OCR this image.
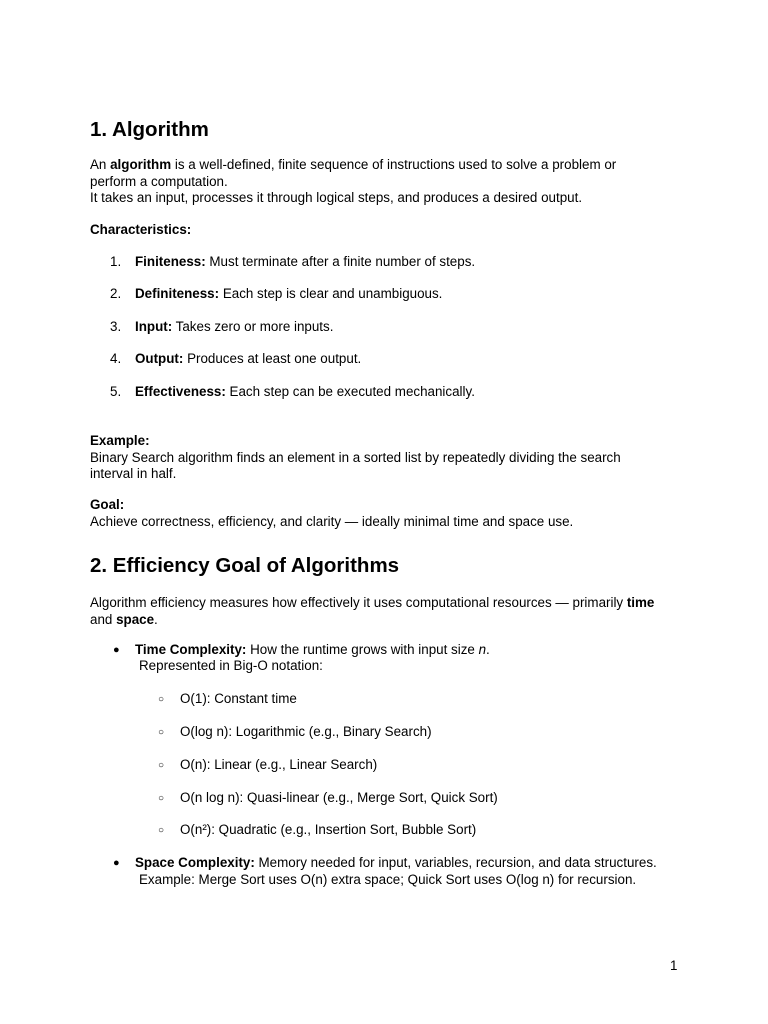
1. Algorithm
An algorithm is a well-defined, finite sequence of instructions used to solve a problem or
perform a computation.
It takes an input, processes it through logical steps, and produces a desired output.
Characteristics:
1. Finiteness: Must terminate after a finite number of steps.
2. Definiteness: Each step is clear and unambiguous.
3. Input: Takes zero or more inputs.
4. Output: Produces at least one output.
5. Effectiveness: Each step can be executed mechanically.
Example:
Binary Search algorithm finds an element in a sorted list by repeatedly dividing the search
interval in half.
Goal:
Achieve correctness, efficiency, and clarity — ideally minimal time and space use.
2. Efficiency Goal of Algorithms
Algorithm efficiency measures how effectively it uses computational resources — primarily time
and space.
● Time Complexity: How the runtime grows with input size n.
Represented in Big-O notation:
○ O(1): Constant time
○ O(log n): Logarithmic (e.g., Binary Search)
○ O(n): Linear (e.g., Linear Search)
○ O(n log n): Quasi-linear (e.g., Merge Sort, Quick Sort)
○ O(n²): Quadratic (e.g., Insertion Sort, Bubble Sort)
● Space Complexity: Memory needed for input, variables, recursion, and data structures.
Example: Merge Sort uses O(n) extra space; Quick Sort uses O(log n) for recursion.
1
